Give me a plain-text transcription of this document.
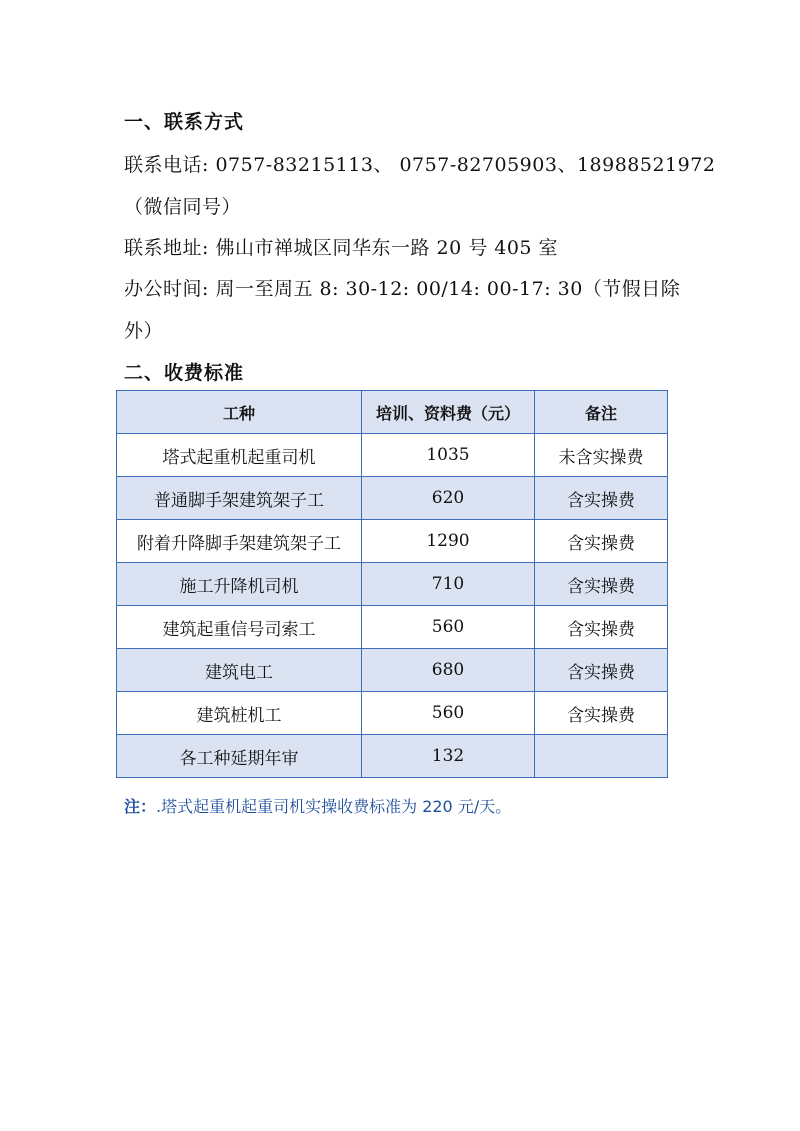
一、联系方式
联系电话: 0757-83215113、 0757-82705903、18988521972
（微信同号）
联系地址: 佛山市禅城区同华东一路 20 号 405 室
办公时间: 周一至周五 8: 30-12: 00/14: 00-17: 30（节假日除
外）
二、收费标准
工种	培训、资料费（元）	备注
塔式起重机起重司机	1035	未含实操费
普通脚手架建筑架子工	620	含实操费
附着升降脚手架建筑架子工	1290	含实操费
施工升降机司机	710	含实操费
建筑起重信号司索工	560	含实操费
建筑电工	680	含实操费
建筑桩机工	560	含实操费
各工种延期年审	132	
注：.塔式起重机起重司机实操收费标准为 220 元/天。
